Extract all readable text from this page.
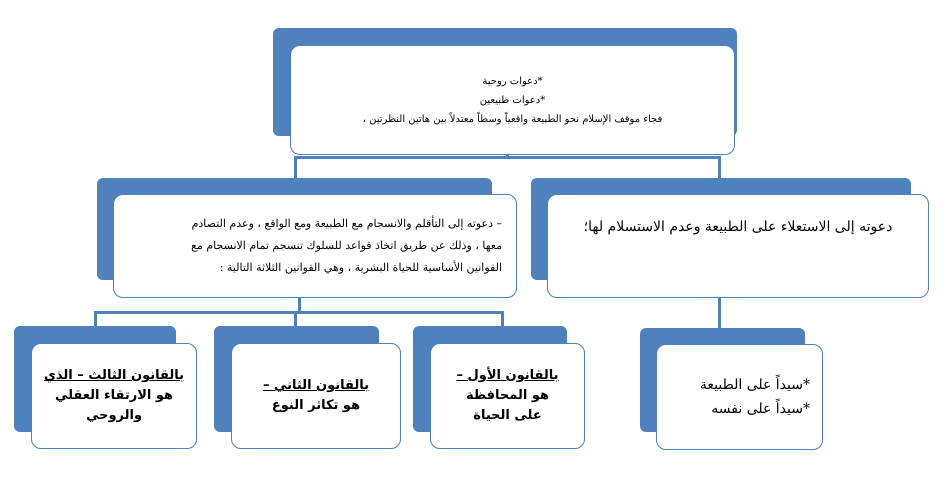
*دعوات روحية
*دعوات طبيعين
فجاء موقف الإسلام نحو الطبيعة واقعياً وسطاً معتدلاً بين هاتين النظرتين ،
– دعوته إلى التأقلم والانسجام مع الطبيعة ومع الواقع ، وعدم التصادم
معها ، وذلك عن طريق اتخاذ قواعد للسلوك تنسجم تمام الانسجام مع
القوانين الأساسية للحياة البشرية ، وهي القوانين الثلاثة التالية :
دعوته إلى الاستعلاء على الطبيعة وعدم الاستسلام لها؛
بالقانون الثالث – الذي
هو الارتقاء العقلي والروحي
بالقانون الثاني –
هو تكاثر النوع
بالقانون الأول –
هو المحافظة على الحياة
*سيداً على الطبيعة
*سيداً على نفسه
